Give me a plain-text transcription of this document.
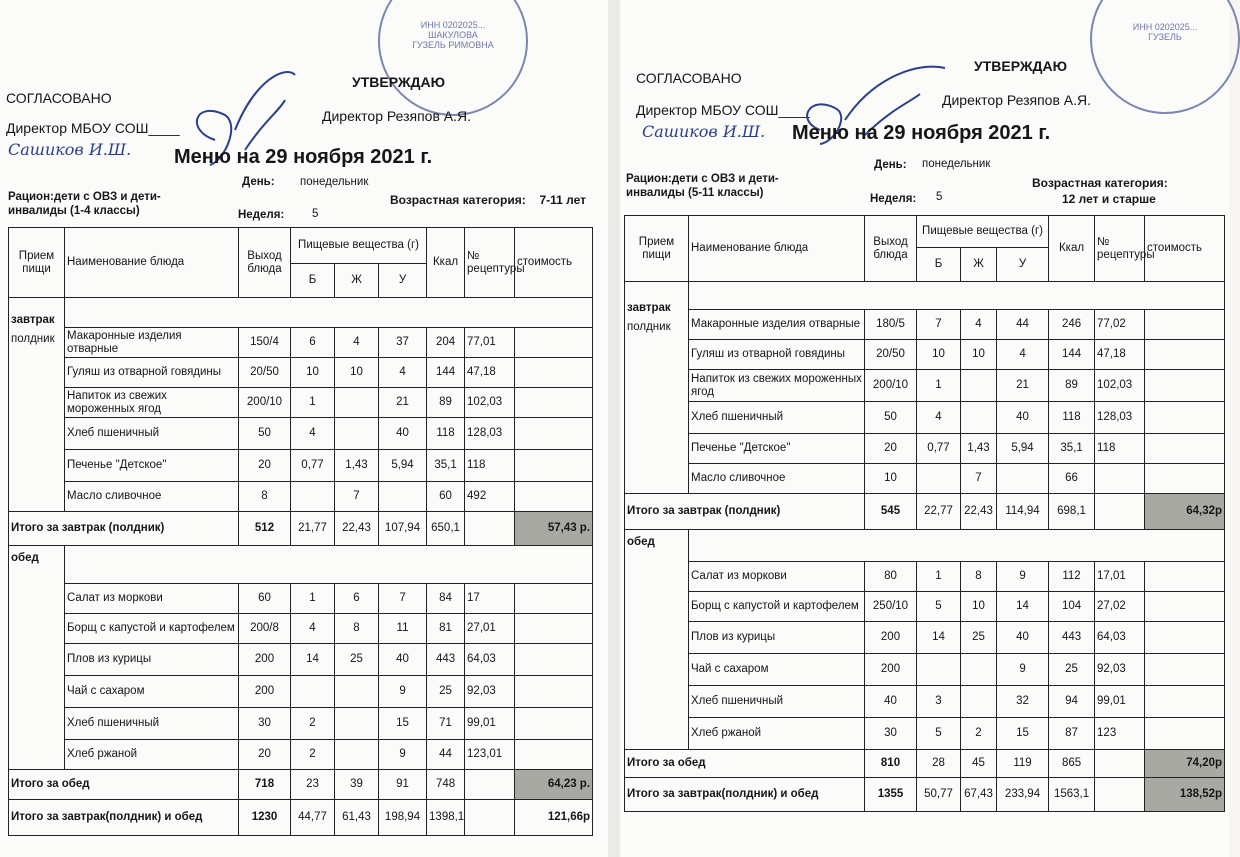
ИНН 0202025...
ШАКУЛОВА
ГУЗЕЛЬ РИМОВНА
СОГЛАСОВАНО
Директор МБОУ СОШ____
Сашиков И.Ш.
УТВЕРЖДАЮ
Директор Резяпов А.Я.
Меню на 29 ноября 2021 г.
День: понедельник
Рацион:дети с ОВЗ и дети-инвалиды (1-4 классы)	Неделя: 5
Возрастная категория:	7-11 лет
Прием пищи	Наименование блюда	Выход блюда	Пищевые вещества (г)			Ккал	№ рецептуры	стоимость
			Б	Ж	У			

завтрак
полдник								

	Макаронные изделия отварные	150/4	6	4	37	204	77,01	
	Гуляш из отварной говядины	20/50	10	10	4	144	47,18	
	Напиток из свежих мороженных ягод	200/10	1		21	89	102,03	
	Хлеб пшеничный	50	4		40	118	128,03	
	Печенье "Детское"	20	0,77	1,43	5,94	35,1	118	
	Масло сливочное	8		7		60	492	
Итого за завтрак (полдник)		512	21,77	22,43	107,94	650,1		57,43 р.
обед								
	Салат из моркови	60	1	6	7	84	17	
	Борщ с капустой и картофелем	200/8	4	8	11	81	27,01	
	Плов из курицы	200	14	25	40	443	64,03	
	Чай с сахаром	200			9	25	92,03	
	Хлеб пшеничный	30	2		15	71	99,01	
	Хлеб ржаной	20	2		9	44	123,01	
Итого за обед		718	23	39	91	748		64,23 р.
Итого за завтрак(полдник) и обед		1230	44,77	61,43	198,94	1398,1		121,66р
ИНН 0202025...
ГУЗЕЛЬ
СОГЛАСОВАНО
Директор МБОУ СОШ____
Сашиков И.Ш.
УТВЕРЖДАЮ
Директор Резяпов А.Я.
Меню на 29 ноября 2021 г.
День: понедельник
Рацион:дети с ОВЗ и дети-инвалиды (5-11 классы)	Неделя: 5
Возрастная категория:
12 лет и старше
Прием пищи	Наименование блюда	Выход блюда	Пищевые вещества (г)			Ккал	№ рецептуры	стоимость
			Б	Ж	У			

завтрак
полдник								

	Макаронные изделия отварные	180/5	7	4	44	246	77,02	
	Гуляш из отварной говядины	20/50	10	10	4	144	47,18	
	Напиток из свежих мороженных ягод	200/10	1		21	89	102,03	
	Хлеб пшеничный	50	4		40	118	128,03	
	Печенье "Детское"	20	0,77	1,43	5,94	35,1	118	
	Масло сливочное	10		7		66		
Итого за завтрак (полдник)		545	22,77	22,43	114,94	698,1		64,32р
обед								
	Салат из моркови	80	1	8	9	112	17,01	
	Борщ с капустой и картофелем	250/10	5	10	14	104	27,02	
	Плов из курицы	200	14	25	40	443	64,03	
	Чай с сахаром	200			9	25	92,03	
	Хлеб пшеничный	40	3		32	94	99,01	
	Хлеб ржаной	30	5	2	15	87	123	
Итого за обед		810	28	45	119	865		74,20р
Итого за завтрак(полдник) и обед		1355	50,77	67,43	233,94	1563,1		138,52р
